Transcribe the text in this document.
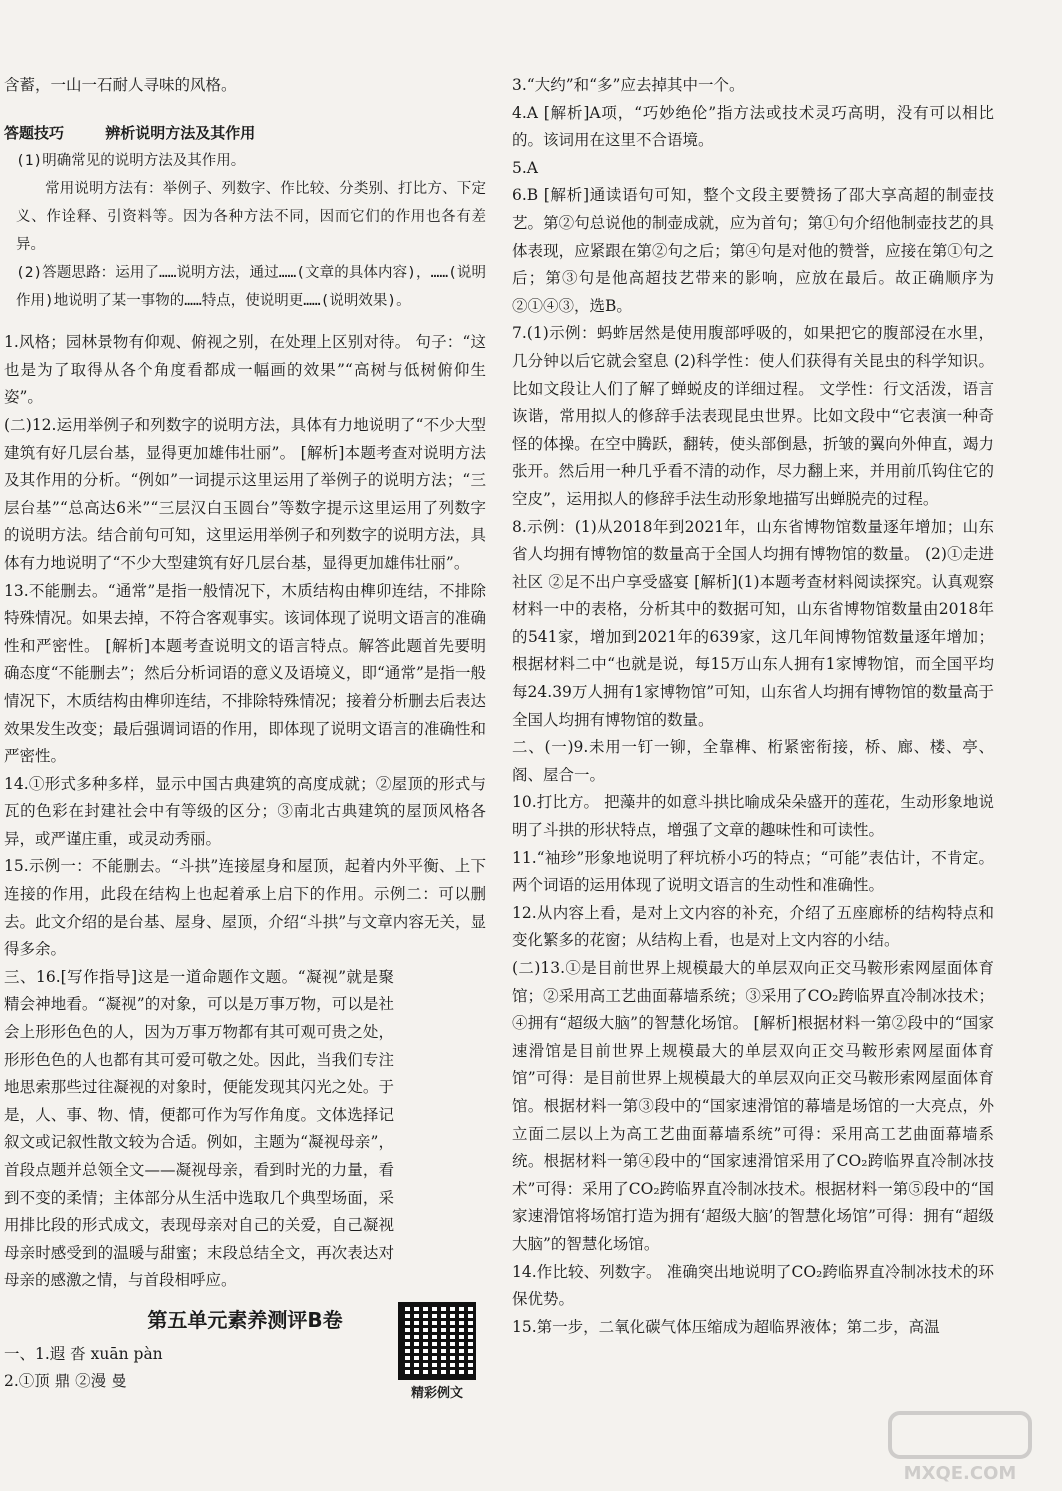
含蓄，一山一石耐人寻味的风格。

答题技巧	辨析说明方法及其作用

(1)明确常见的说明方法及其作用。

常用说明方法有：举例子、列数字、作比较、分类别、打比方、下定义、作诠释、引资料等。因为各种方法不同，因而它们的作用也各有差异。

(2)答题思路：运用了……说明方法，通过……(文章的具体内容)，……(说明作用)地说明了某一事物的……特点，使说明更……(说明效果)。

1.风格；园林景物有仰观、俯视之别，在处理上区别对待。 句子：“这也是为了取得从各个角度看都成一幅画的效果”“高树与低树俯仰生姿”。

(二)12.运用举例子和列数字的说明方法，具体有力地说明了“不少大型建筑有好几层台基，显得更加雄伟壮丽”。 [解析]本题考查对说明方法及其作用的分析。“例如”一词提示这里运用了举例子的说明方法；“三层台基”“总高达6米”“三层汉白玉圆台”等数字提示这里运用了列数字的说明方法。结合前句可知，这里运用举例子和列数字的说明方法，具体有力地说明了“不少大型建筑有好几层台基，显得更加雄伟壮丽”。

13.不能删去。“通常”是指一般情况下，木质结构由榫卯连结，不排除特殊情况。如果去掉，不符合客观事实。该词体现了说明文语言的准确性和严密性。 [解析]本题考查说明文的语言特点。解答此题首先要明确态度“不能删去”；然后分析词语的意义及语境义，即“通常”是指一般情况下，木质结构由榫卯连结，不排除特殊情况；接着分析删去后表达效果发生改变；最后强调词语的作用，即体现了说明文语言的准确性和严密性。

14.①形式多种多样，显示中国古典建筑的高度成就；②屋顶的形式与瓦的色彩在封建社会中有等级的区分；③南北古典建筑的屋顶风格各异，或严谨庄重，或灵动秀丽。

15.示例一：不能删去。“斗拱”连接屋身和屋顶，起着内外平衡、上下连接的作用，此段在结构上也起着承上启下的作用。示例二：可以删去。此文介绍的是台基、屋身、屋顶，介绍“斗拱”与文章内容无关，显得多余。

三、16.[写作指导]这是一道命题作文题。“凝视”就是聚精会神地看。“凝视”的对象，可以是万事万物，可以是社会上形形色色的人，因为万事万物都有其可观可贵之处，形形色色的人也都有其可爱可敬之处。因此，当我们专注地思索那些过往凝视的对象时，便能发现其闪光之处。于是，人、事、物、情，便都可作为写作角度。文体选择记叙文或记叙性散文较为合适。例如，主题为“凝视母亲”，首段点题并总领全文——凝视母亲，看到时光的力量，看到不变的柔情；主体部分从生活中选取几个典型场面，采用排比段的形式成文，表现母亲对自己的关爱，自己凝视母亲时感受到的温暖与甜蜜；末段总结全文，再次表达对母亲的感激之情，与首段相呼应。

第五单元素养测评B卷

一、1.遐 沓 xuān pàn

2.①顶 鼎 ②漫 曼

精彩例文

3.“大约”和“多”应去掉其中一个。

4.A [解析]A项，“巧妙绝伦”指方法或技术灵巧高明，没有可以相比的。该词用在这里不合语境。

5.A

6.B [解析]通读语句可知，整个文段主要赞扬了邵大享高超的制壶技艺。第②句总说他的制壶成就，应为首句；第①句介绍他制壶技艺的具体表现，应紧跟在第②句之后；第④句是对他的赞誉，应接在第①句之后；第③句是他高超技艺带来的影响，应放在最后。故正确顺序为②①④③，选B。

7.(1)示例：蚂蚱居然是使用腹部呼吸的，如果把它的腹部浸在水里，几分钟以后它就会窒息 (2)科学性：使人们获得有关昆虫的科学知识。比如文段让人们了解了蝉蜕皮的详细过程。 文学性：行文活泼，语言诙谐，常用拟人的修辞手法表现昆虫世界。比如文段中“它表演一种奇怪的体操。在空中腾跃，翻转，使头部倒悬，折皱的翼向外伸直，竭力张开。然后用一种几乎看不清的动作，尽力翻上来，并用前爪钩住它的空皮”，运用拟人的修辞手法生动形象地描写出蝉脱壳的过程。

8.示例：(1)从2018年到2021年，山东省博物馆数量逐年增加；山东省人均拥有博物馆的数量高于全国人均拥有博物馆的数量。 (2)①走进社区 ②足不出户享受盛宴 [解析](1)本题考查材料阅读探究。认真观察材料一中的表格，分析其中的数据可知，山东省博物馆数量由2018年的541家，增加到2021年的639家，这几年间博物馆数量逐年增加；根据材料二中“也就是说，每15万山东人拥有1家博物馆，而全国平均每24.39万人拥有1家博物馆”可知，山东省人均拥有博物馆的数量高于全国人均拥有博物馆的数量。

二、(一)9.未用一钉一铆，全靠榫、桁紧密衔接，桥、廊、楼、亭、阁、屋合一。

10.打比方。 把藻井的如意斗拱比喻成朵朵盛开的莲花，生动形象地说明了斗拱的形状特点，增强了文章的趣味性和可读性。

11.“袖珍”形象地说明了秤坑桥小巧的特点；“可能”表估计，不肯定。两个词语的运用体现了说明文语言的生动性和准确性。

12.从内容上看，是对上文内容的补充，介绍了五座廊桥的结构特点和变化繁多的花窗；从结构上看，也是对上文内容的小结。

(二)13.①是目前世界上规模最大的单层双向正交马鞍形索网屋面体育馆；②采用高工艺曲面幕墙系统；③采用了CO₂跨临界直冷制冰技术；④拥有“超级大脑”的智慧化场馆。 [解析]根据材料一第②段中的“国家速滑馆是目前世界上规模最大的单层双向正交马鞍形索网屋面体育馆”可得：是目前世界上规模最大的单层双向正交马鞍形索网屋面体育馆。根据材料一第③段中的“国家速滑馆的幕墙是场馆的一大亮点，外立面二层以上为高工艺曲面幕墙系统”可得：采用高工艺曲面幕墙系统。根据材料一第④段中的“国家速滑馆采用了CO₂跨临界直冷制冰技术”可得：采用了CO₂跨临界直冷制冰技术。根据材料一第⑤段中的“国家速滑馆将场馆打造为拥有‘超级大脑’的智慧化场馆”可得：拥有“超级大脑”的智慧化场馆。

14.作比较、列数字。 准确突出地说明了CO₂跨临界直冷制冰技术的环保优势。

15.第一步，二氧化碳气体压缩成为超临界液体；第二步，高温

MXQE.COM
